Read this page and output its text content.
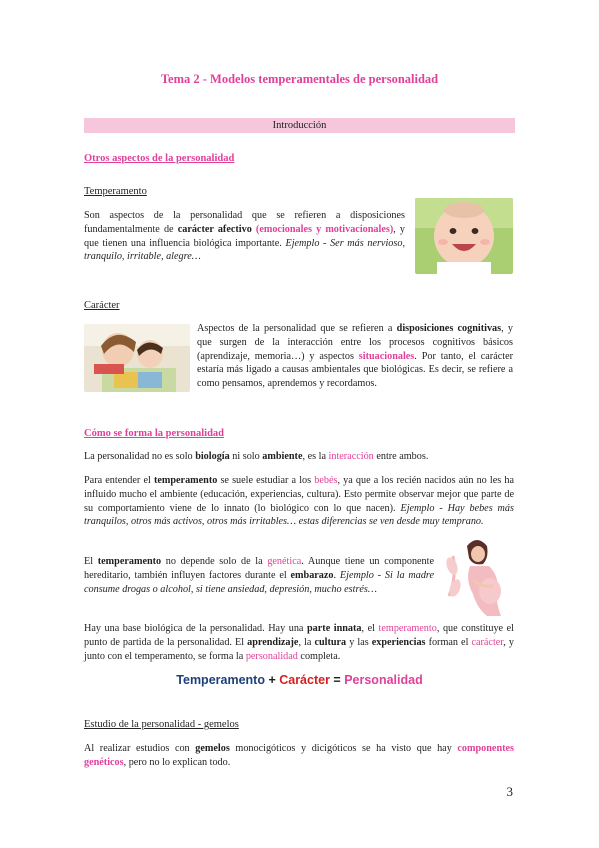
Tema 2 - Modelos temperamentales de personalidad
Introducción
Otros aspectos de la personalidad
Temperamento
Son aspectos de la personalidad que se refieren a disposiciones fundamentalmente de carácter afectivo (emocionales y motivacionales), y que tienen una influencia biológica importante. Ejemplo - Ser más nervioso, tranquilo, irritable, alegre…
Carácter
Aspectos de la personalidad que se refieren a disposiciones cognitivas, y que surgen de la interacción entre los procesos cognitivos básicos (aprendizaje, memoria…) y aspectos situacionales. Por tanto, el carácter estaría más ligado a causas ambientales que biológicas. Es decir, se refiere a como pensamos, aprendemos y recordamos.
Cómo se forma la personalidad
La personalidad no es solo biología ni solo ambiente, es la interacción entre ambos.
Para entender el temperamento se suele estudiar a los bebés, ya que a los recién nacidos aún no les ha influido mucho el ambiente (educación, experiencias, cultura). Esto permite observar mejor que parte de su comportamiento viene de lo innato (lo biológico con lo que nacen). Ejemplo - Hay bebes más tranquilos, otros más activos, otros más irritables… estas diferencias se ven desde muy temprano.
El temperamento no depende solo de la genética. Aunque tiene un componente hereditario, también influyen factores durante el embarazo. Ejemplo - Si la madre consume drogas o alcohol, si tiene ansiedad, depresión, mucho estrés…
Hay una base biológica de la personalidad. Hay una parte innata, el temperamento, que constituye el punto de partida de la personalidad. El aprendizaje, la cultura y las experiencias forman el carácter, y junto con el temperamento, se forma la personalidad completa.
Temperamento + Carácter = Personalidad
Estudio de la personalidad - gemelos
Al realizar estudios con gemelos monocigóticos y dicigóticos se ha visto que hay componentes genéticos, pero no lo explican todo.
3
